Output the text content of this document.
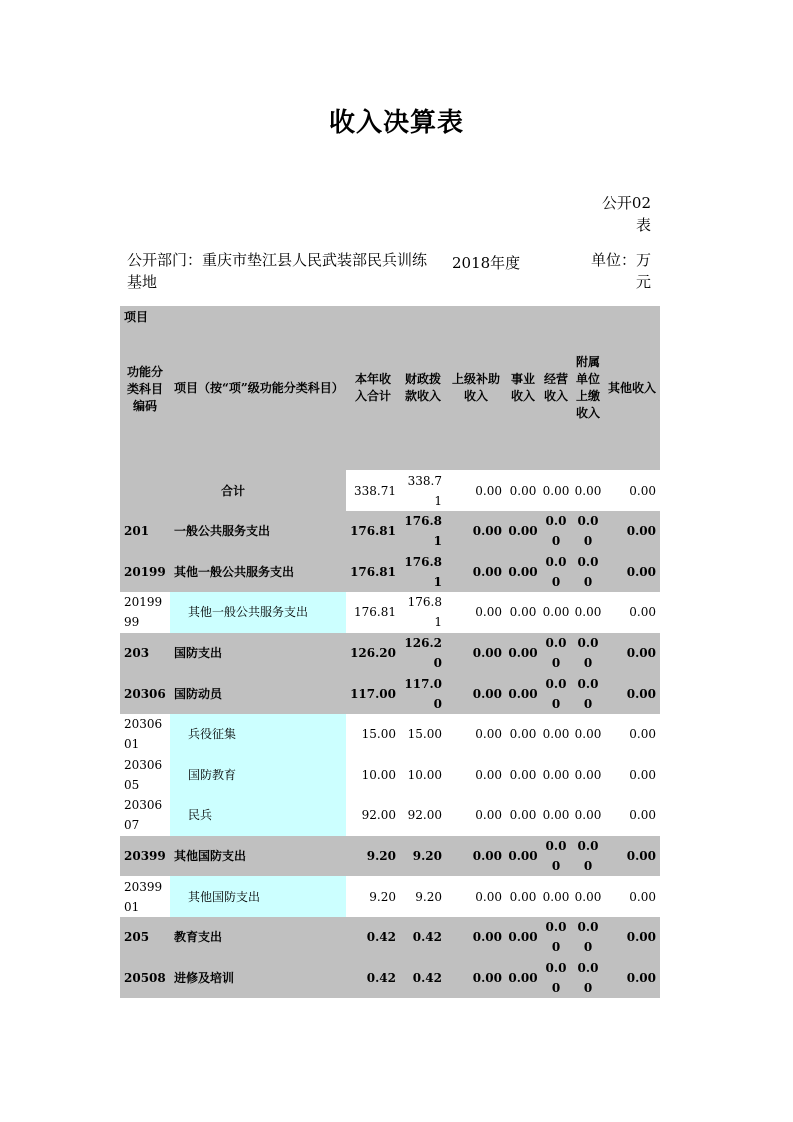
收入决算表
公开02表
公开部门：重庆市垫江县人民武装部民兵训练基地
2018年度	单位：万元
项目
功能分类科目编码	项目（按“项”级功能分类科目）	本年收入合计	财政拨款收入	上级补助收入	事业收入	经营收入	附属单位上缴收入	其他收入
合计		338.71	338.71	0.00	0.00	0.00	0.00	0.00
201	一般公共服务支出	176.81	176.81	0.00	0.00	0.00	0.00	0.00
20199	其他一般公共服务支出	176.81	176.81	0.00	0.00	0.00	0.00	0.00
2019999	其他一般公共服务支出	176.81	176.81	0.00	0.00	0.00	0.00	0.00
203	国防支出	126.20	126.20	0.00	0.00	0.00	0.00	0.00
20306	国防动员	117.00	117.00	0.00	0.00	0.00	0.00	0.00
2030601	兵役征集	15.00	15.00	0.00	0.00	0.00	0.00	0.00
2030605	国防教育	10.00	10.00	0.00	0.00	0.00	0.00	0.00
2030607	民兵	92.00	92.00	0.00	0.00	0.00	0.00	0.00
20399	其他国防支出	9.20	9.20	0.00	0.00	0.00	0.00	0.00
2039901	其他国防支出	9.20	9.20	0.00	0.00	0.00	0.00	0.00
205	教育支出	0.42	0.42	0.00	0.00	0.00	0.00	0.00
20508	进修及培训	0.42	0.42	0.00	0.00	0.00	0.00	0.00
